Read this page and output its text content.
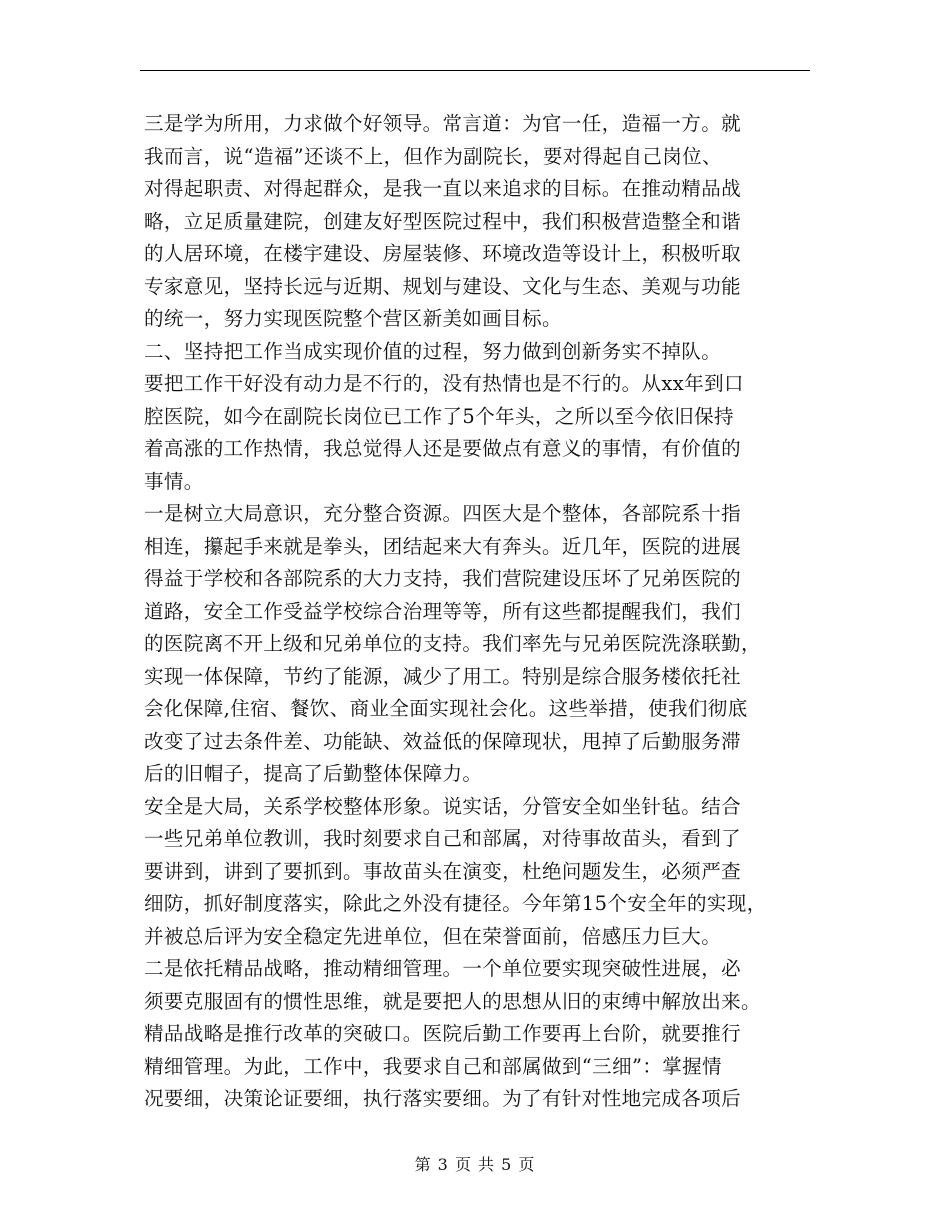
三是学为所用，力求做个好领导。常言道：为官一任，造福一方。就
我而言，说“造福”还谈不上，但作为副院长，要对得起自己岗位、
对得起职责、对得起群众，是我一直以来追求的目标。在推动精品战
略，立足质量建院，创建友好型医院过程中，我们积极营造整全和谐
的人居环境，在楼宇建设、房屋装修、环境改造等设计上，积极听取
专家意见，坚持长远与近期、规划与建设、文化与生态、美观与功能
的统一，努力实现医院整个营区新美如画目标。
二、坚持把工作当成实现价值的过程，努力做到创新务实不掉队。
要把工作干好没有动力是不行的，没有热情也是不行的。从xx年到口
腔医院，如今在副院长岗位已工作了5个年头，之所以至今依旧保持
着高涨的工作热情，我总觉得人还是要做点有意义的事情，有价值的
事情。
一是树立大局意识，充分整合资源。四医大是个整体，各部院系十指
相连，攥起手来就是拳头，团结起来大有奔头。近几年，医院的进展
得益于学校和各部院系的大力支持，我们营院建设压坏了兄弟医院的
道路，安全工作受益学校综合治理等等，所有这些都提醒我们，我们
的医院离不开上级和兄弟单位的支持。我们率先与兄弟医院洗涤联勤，
实现一体保障，节约了能源，减少了用工。特别是综合服务楼依托社
会化保障,住宿、餐饮、商业全面实现社会化。这些举措，使我们彻底
改变了过去条件差、功能缺、效益低的保障现状，甩掉了后勤服务滞
后的旧帽子，提高了后勤整体保障力。
安全是大局，关系学校整体形象。说实话，分管安全如坐针毡。结合
一些兄弟单位教训，我时刻要求自己和部属，对待事故苗头，看到了
要讲到，讲到了要抓到。事故苗头在演变，杜绝问题发生，必须严查
细防，抓好制度落实，除此之外没有捷径。今年第15个安全年的实现，
并被总后评为安全稳定先进单位，但在荣誉面前，倍感压力巨大。
二是依托精品战略，推动精细管理。一个单位要实现突破性进展，必
须要克服固有的惯性思维，就是要把人的思想从旧的束缚中解放出来。
精品战略是推行改革的突破口。医院后勤工作要再上台阶，就要推行
精细管理。为此，工作中，我要求自己和部属做到“三细”：掌握情
况要细，决策论证要细，执行落实要细。为了有针对性地完成各项后
第 3 页 共 5 页
